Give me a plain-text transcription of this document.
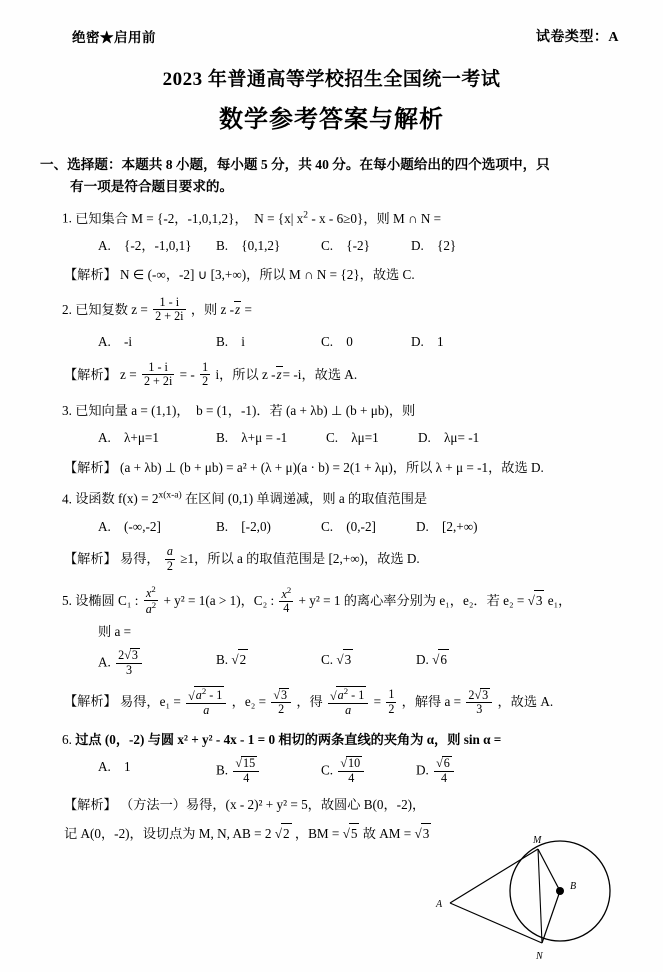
绝密★启用前	试卷类型：A
2023 年普通高等学校招生全国统一考试
数学参考答案与解析
一、选择题：本题共 8 小题，每小题 5 分，共 40 分。在每小题给出的四个选项中，只
有一项是符合题目要求的。
1. 已知集合 M = {-2，-1,0,1,2}，　N = {x| $x^2 - x - 6\ge 0$}，则 M ∩ N =
A.　{-2，-1,0,1}	B.　{0,1,2}	C.　{-2}	D.　{2}
【解析】 N ∈ (-∞，-2] ∪ [3,+∞)，所以 M ∩ N = {2}，故选 C.
2. 已知复数 $z = \frac{1 - i}{2 + 2i}$ ，则 z -z =
A.　-i	B.　i	C.　0	D.　1
【解析】 $z = \frac{1 - i}{2 + 2i}$ = - $\frac{1}{2}$ i，所以 z -z= -i，故选 A.
3. 已知向量 a = (1,1)，　b = (1，-1)．若 (a + λb) ⊥ (b + μb)，则
A.　λ+μ=1	B.　λ+μ = -1	C.　λμ=1	D.　λμ= -1
【解析】 (a + λb) ⊥ (b + μb) = a² + (λ + μ)(a · b) = 2(1 + λμ)，所以 λ + μ = -1，故选 D.
4. 设函数 $f(x) = 2^{x(x-a)}$ 在区间 (0,1) 单调递减，则 a 的取值范围是
A.　(-∞,-2]	B.　[-2,0)	C.　(0,-2]	D.　[2,+∞)
【解析】 易得， $\frac{a}{2} \ge 1$，所以 a 的取值范围是 [2,+∞)，故选 D.
5. 设椭圆 C₁ : $\frac{x^2}{a^2} + y^2 = 1(a > 1)$，C₂ : $\frac{x^2}{4} + y^2 = 1$ 的离心率分别为 e₁，e₂．若 e₂ = √3 e₁，
则 a =
A. $\frac{2√3}{3}$	B. √2	C. √3	D. √6
【解析】 易得，$e_1 = \frac{√a^2 - 1}{a}$ ，$e_2 = \frac{√3}{2}$ ，得 $\frac{√a^2 - 1}{a} = \frac{1}{2}$ ，解得 $a = \frac{2√3}{3}$ ，故选 A.
6. 过点 (0，-2) 与圆 x² + y² - 4x - 1 = 0 相切的两条直线的夹角为 α，则 sin α =
A.　1	B. $\frac{√15}{4}$	C. $\frac{√10}{4}$	D. $\frac{√6}{4}$
【解析】 （方法一）易得，(x - 2)² + y² = 5，故圆心 B(0，-2)，
记 A(0，-2)，设切点为 M, N, AB = 2 √2 ，BM = √5 故 AM = √3	M
B
A
N
